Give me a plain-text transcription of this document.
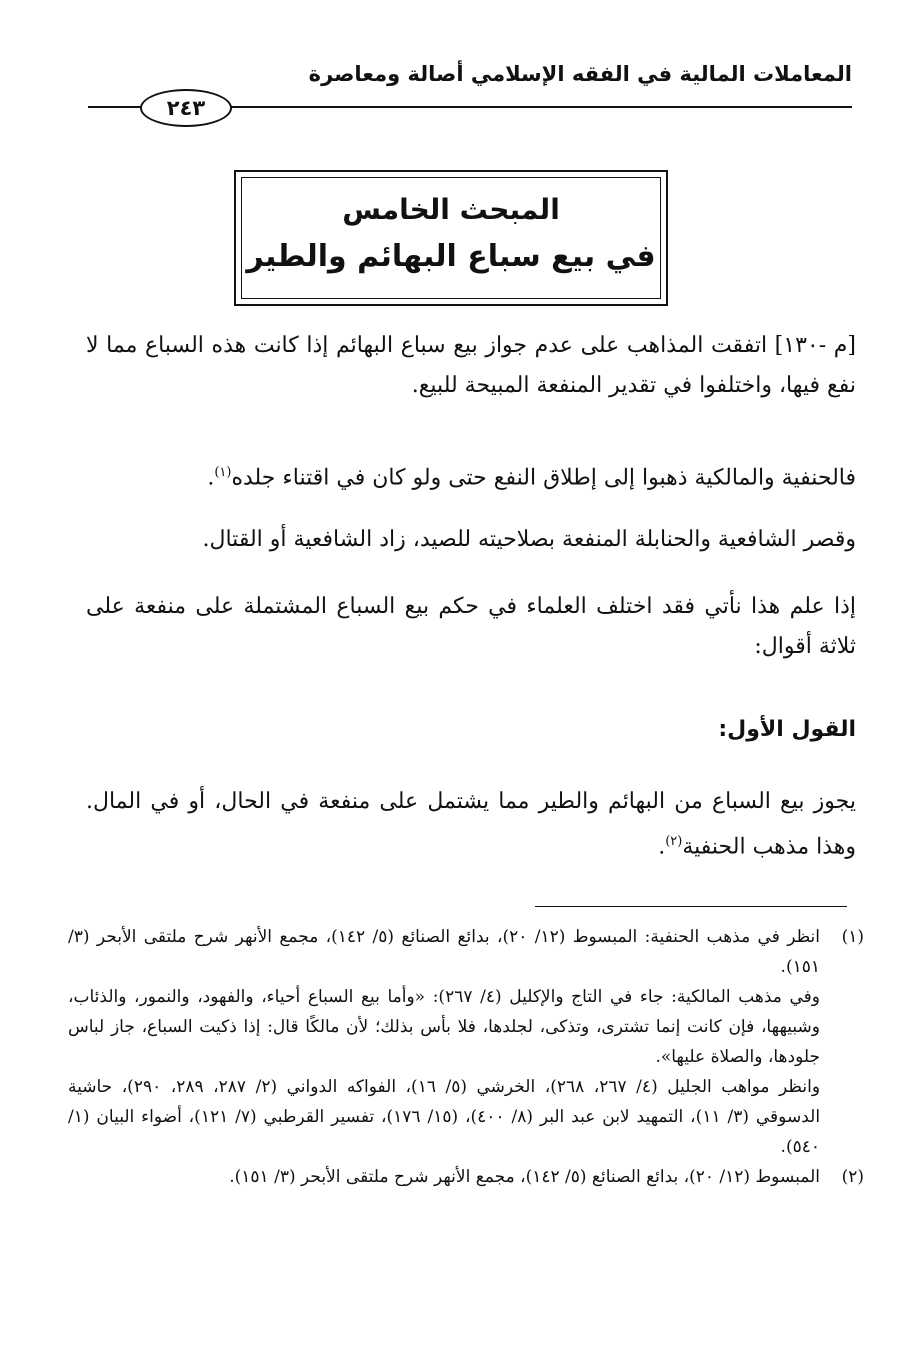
المعاملات المالية في الفقه الإسلامي أصالة ومعاصرة
٢٤٣
المبحث الخامس
في بيع سباع البهائم والطير

[م -١٣٠] اتفقت المذاهب على عدم جواز بيع سباع البهائم إذا كانت هذه السباع مما لا نفع فيها، واختلفوا في تقدير المنفعة المبيحة للبيع.

فالحنفية والمالكية ذهبوا إلى إطلاق النفع حتى ولو كان في اقتناء جلده$^{(١)}$.

وقصر الشافعية والحنابلة المنفعة بصلاحيته للصيد، زاد الشافعية أو القتال.

إذا علم هذا نأتي فقد اختلف العلماء في حكم بيع السباع المشتملة على منفعة على ثلاثة أقوال:

القول الأول:

يجوز بيع السباع من البهائم والطير مما يشتمل على منفعة في الحال، أو في المال. وهذا مذهب الحنفية$^{(٢)}$.

(١)
انظر في مذهب الحنفية: المبسوط (١٢/ ٢٠)، بدائع الصنائع (٥/ ١٤٢)، مجمع الأنهر شرح ملتقى الأبحر (٣/ ١٥١).
وفي مذهب المالكية: جاء في التاج والإكليل (٤/ ٢٦٧): «وأما بيع السباع أحياء، والفهود، والنمور، والذئاب، وشبيهها، فإن كانت إنما تشترى، وتذكى، لجلدها، فلا بأس بذلك؛ لأن مالكًا قال: إذا ذكيت السباع، جاز لباس جلودها، والصلاة عليها».
وانظر مواهب الجليل (٤/ ٢٦٧، ٢٦٨)، الخرشي (٥/ ١٦)، الفواكه الدواني (٢/ ٢٨٧، ٢٨٩، ٢٩٠)، حاشية الدسوقي (٣/ ١١)، التمهيد لابن عبد البر (٨/ ٤٠٠)، (١٥/ ١٧٦)، تفسير القرطبي (٧/ ١٢١)، أضواء البيان (١/ ٥٤٠).
(٢)
المبسوط (١٢/ ٢٠)، بدائع الصنائع (٥/ ١٤٢)، مجمع الأنهر شرح ملتقى الأبحر (٣/ ١٥١).
